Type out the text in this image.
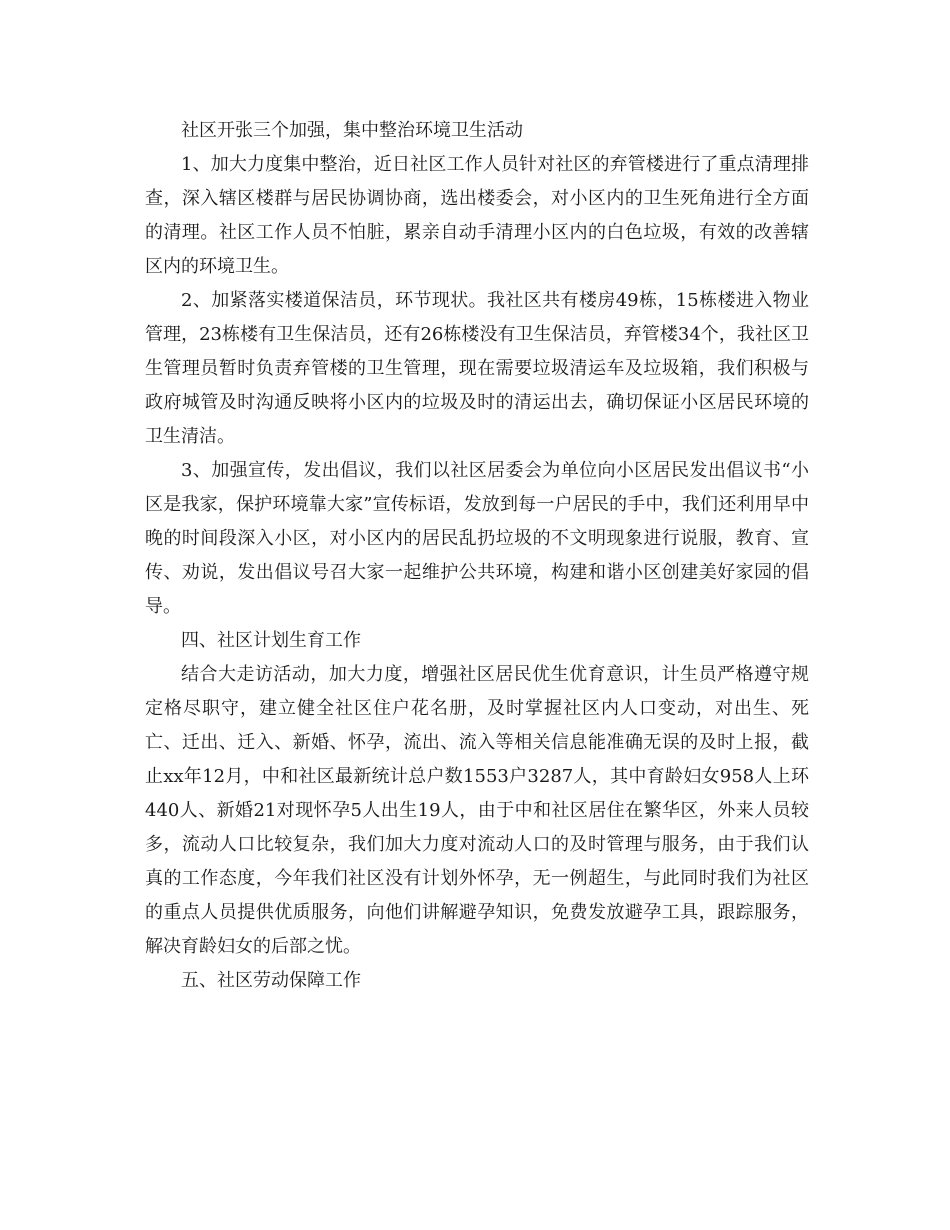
社区开张三个加强，集中整治环境卫生活动

1、加大力度集中整治，近日社区工作人员针对社区的弃管楼进行了重点清理排查，深入辖区楼群与居民协调协商，选出楼委会，对小区内的卫生死角进行全方面的清理。社区工作人员不怕脏，累亲自动手清理小区内的白色垃圾，有效的改善辖区内的环境卫生。

2、加紧落实楼道保洁员，环节现状。我社区共有楼房49栋，15栋楼进入物业管理，23栋楼有卫生保洁员，还有26栋楼没有卫生保洁员，弃管楼34个，我社区卫生管理员暂时负责弃管楼的卫生管理，现在需要垃圾清运车及垃圾箱，我们积极与政府城管及时沟通反映将小区内的垃圾及时的清运出去，确切保证小区居民环境的卫生清洁。

3、加强宣传，发出倡议，我们以社区居委会为单位向小区居民发出倡议书“小区是我家，保护环境靠大家”宣传标语，发放到每一户居民的手中，我们还利用早中晚的时间段深入小区，对小区内的居民乱扔垃圾的不文明现象进行说服，教育、宣传、劝说，发出倡议号召大家一起维护公共环境，构建和谐小区创建美好家园的倡导。

四、社区计划生育工作

结合大走访活动，加大力度，增强社区居民优生优育意识，计生员严格遵守规定格尽职守，建立健全社区住户花名册，及时掌握社区内人口变动，对出生、死亡、迁出、迁入、新婚、怀孕，流出、流入等相关信息能准确无误的及时上报，截止xx年12月，中和社区最新统计总户数1553户3287人，其中育龄妇女958人上环440人、新婚21对现怀孕5人出生19人，由于中和社区居住在繁华区，外来人员较多，流动人口比较复杂，我们加大力度对流动人口的及时管理与服务，由于我们认真的工作态度，今年我们社区没有计划外怀孕，无一例超生，与此同时我们为社区的重点人员提供优质服务，向他们讲解避孕知识，免费发放避孕工具，跟踪服务，解决育龄妇女的后部之忧。

五、社区劳动保障工作
